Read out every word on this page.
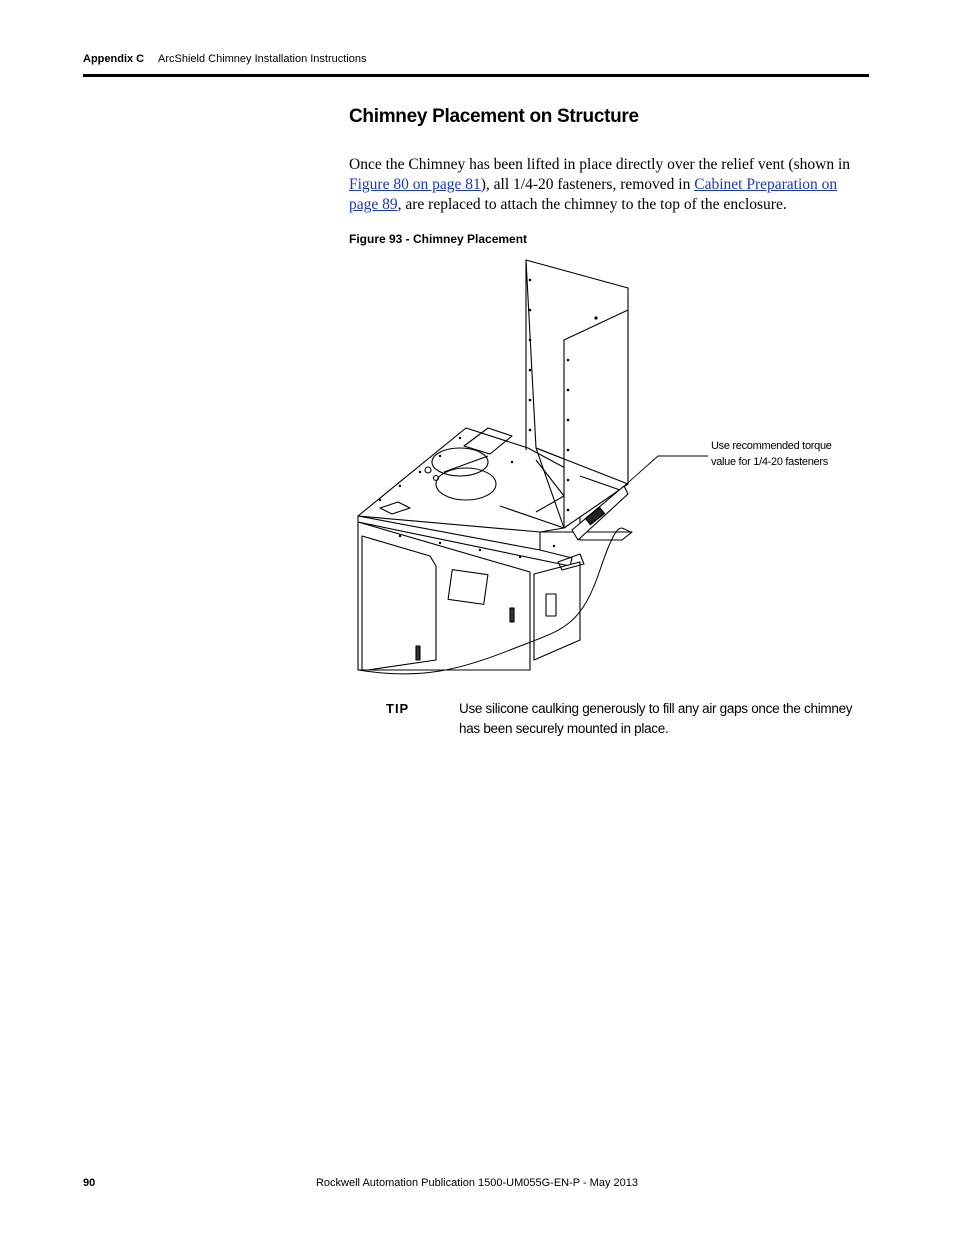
Appendix C ArcShield Chimney Installation Instructions
Chimney Placement on Structure

Once the Chimney has been lifted in place directly over the relief vent (shown in Figure 80 on page 81), all 1/4-20 fasteners, removed in Cabinet Preparation on page 89, are replaced to attach the chimney to the top of the enclosure.

Figure 93 - Chimney Placement
Use recommended torque
value for 1/4-20 fasteners
TIP	Use silicone caulking generously to fill any air gaps once the chimney has been securely mounted in place.

90	Rockwell Automation Publication 1500-UM055G-EN-P - May 2013
